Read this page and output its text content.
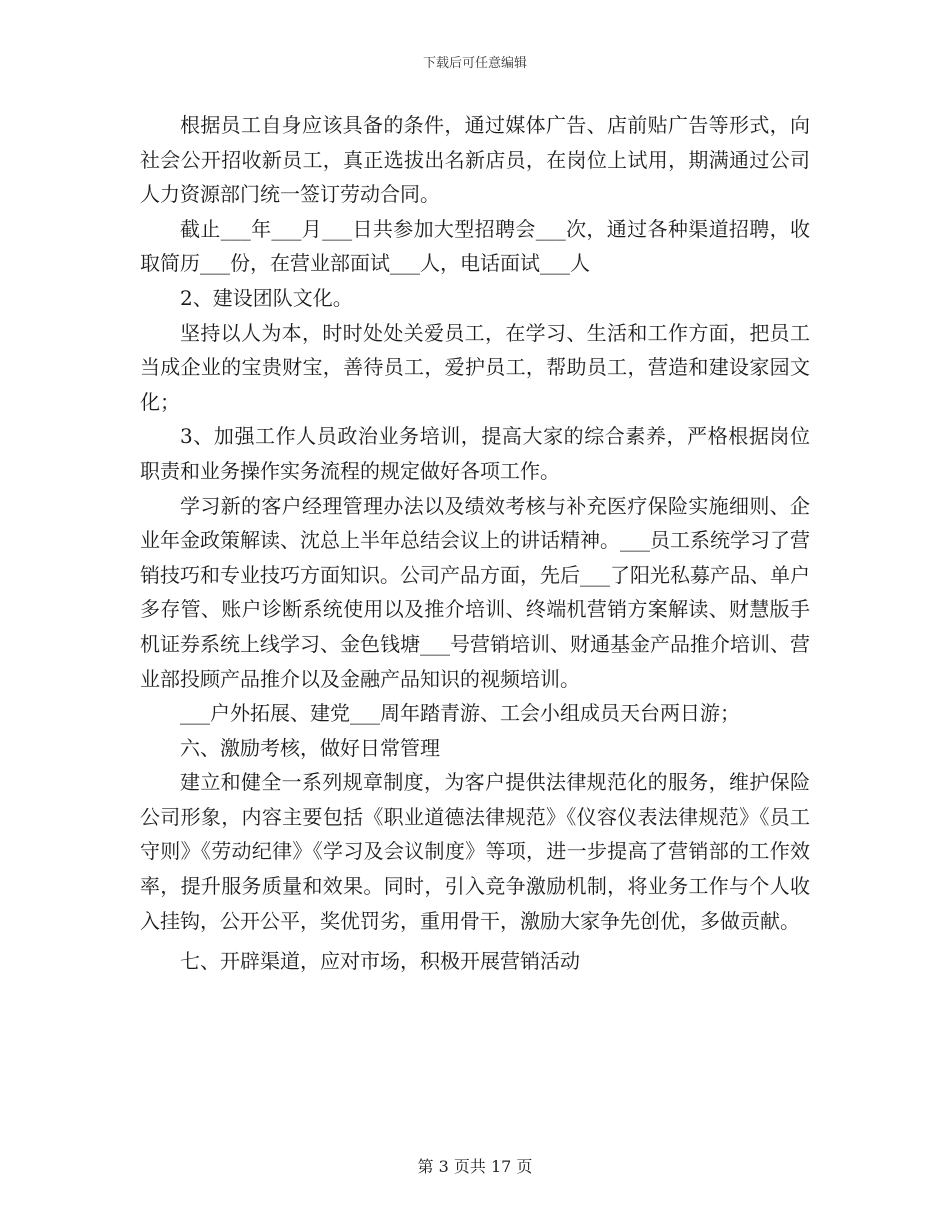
下载后可任意编辑

根据员工自身应该具备的条件，通过媒体广告、店前贴广告等形式，向社会公开招收新员工，真正选拔出名新店员，在岗位上试用，期满通过公司人力资源部门统一签订劳动合同。

截止___年___月___日共参加大型招聘会___次，通过各种渠道招聘，收取简历___份，在营业部面试___人，电话面试___人

2、建设团队文化。

坚持以人为本，时时处处关爱员工，在学习、生活和工作方面，把员工当成企业的宝贵财宝，善待员工，爱护员工，帮助员工，营造和建设家园文化；

3、加强工作人员政治业务培训，提高大家的综合素养，严格根据岗位职责和业务操作实务流程的规定做好各项工作。

学习新的客户经理管理办法以及绩效考核与补充医疗保险实施细则、企业年金政策解读、沈总上半年总结会议上的讲话精神。___员工系统学习了营销技巧和专业技巧方面知识。公司产品方面，先后___了阳光私募产品、单户多存管、账户诊断系统使用以及推介培训、终端机营销方案解读、财慧版手机证券系统上线学习、金色钱塘___号营销培训、财通基金产品推介培训、营业部投顾产品推介以及金融产品知识的视频培训。

___户外拓展、建党___周年踏青游、工会小组成员天台两日游；

六、激励考核，做好日常管理

建立和健全一系列规章制度，为客户提供法律规范化的服务，维护保险公司形象，内容主要包括《职业道德法律规范》《仪容仪表法律规范》《员工守则》《劳动纪律》《学习及会议制度》等项，进一步提高了营销部的工作效率，提升服务质量和效果。同时，引入竞争激励机制，将业务工作与个人收入挂钩，公开公平，奖优罚劣，重用骨干，激励大家争先创优，多做贡献。

七、开辟渠道，应对市场，积极开展营销活动

第 3 页共 17 页
